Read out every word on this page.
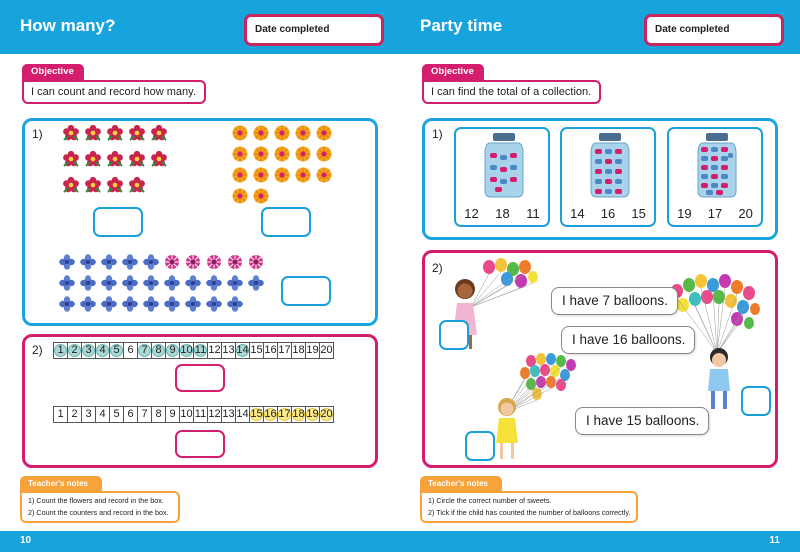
How many?	Date completed
Objective
I can count and record how many.
1)
2)	1 2 3 4 5 6 7 8 9 10 11 12 13 14 15 16 17 18 19 20
1 2 3 4 5 6 7 8 9 10 11 12 13 14 15 16 17 18 19 20
Teacher's notes
1) Count the flowers and record in the box.
2) Count the counters and record in the box.
10
Party time	Date completed
Objective
I can find the total of a collection.
1)
12 18 11 14 16 15 19 17 20
2)
I have 7 balloons.
I have 16 balloons.
I have 15 balloons.
Teacher's notes
1) Circle the correct number of sweets.
2) Tick if the child has counted the number of balloons correctly.
11
